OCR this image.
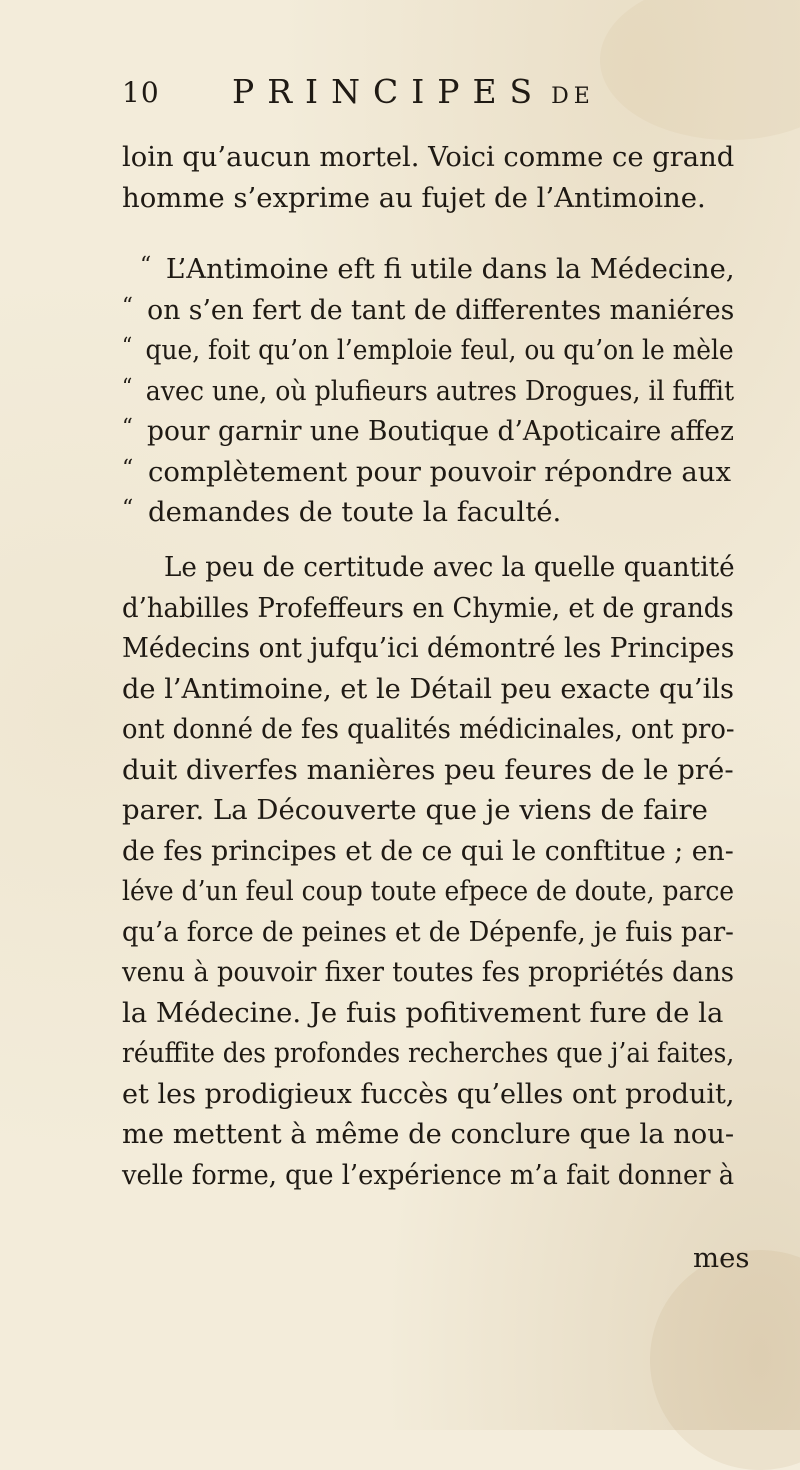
10 PRINCIPES DE
loin qu’aucun mortel. Voici comme ce grand
homme s’exprime au fujet de l’Antimoine.
“ L’Antimoine eft fi utile dans la Médecine,
“ on s’en fert de tant de differentes maniéres
“ que, foit qu’on l’emploie feul, ou qu’on le mèle
“ avec une, où plufieurs autres Drogues, il fuffit
“ pour garnir une Boutique d’Apoticaire affez
“ complètement pour pouvoir répondre aux
“ demandes de toute la faculté.
Le peu de certitude avec la quelle quantité
d’habilles Profeffeurs en Chymie, et de grands
Médecins ont jufqu’ici démontré les Principes
de l’Antimoine, et le Détail peu exacte qu’ils
ont donné de fes qualités médicinales, ont pro-
duit diverfes manières peu feures de le pré-
parer. La Découverte que je viens de faire
de fes principes et de ce qui le conftitue ; en-
léve d’un feul coup toute efpece de doute, parce
qu’a force de peines et de Dépenfe, je fuis par-
venu à pouvoir fixer toutes fes propriétés dans
la Médecine. Je fuis pofitivement fure de la
réuffite des profondes recherches que j’ai faites,
et les prodigieux fuccès qu’elles ont produit,
me mettent à même de conclure que la nou-
velle forme, que l’expérience m’a fait donner à
mes
